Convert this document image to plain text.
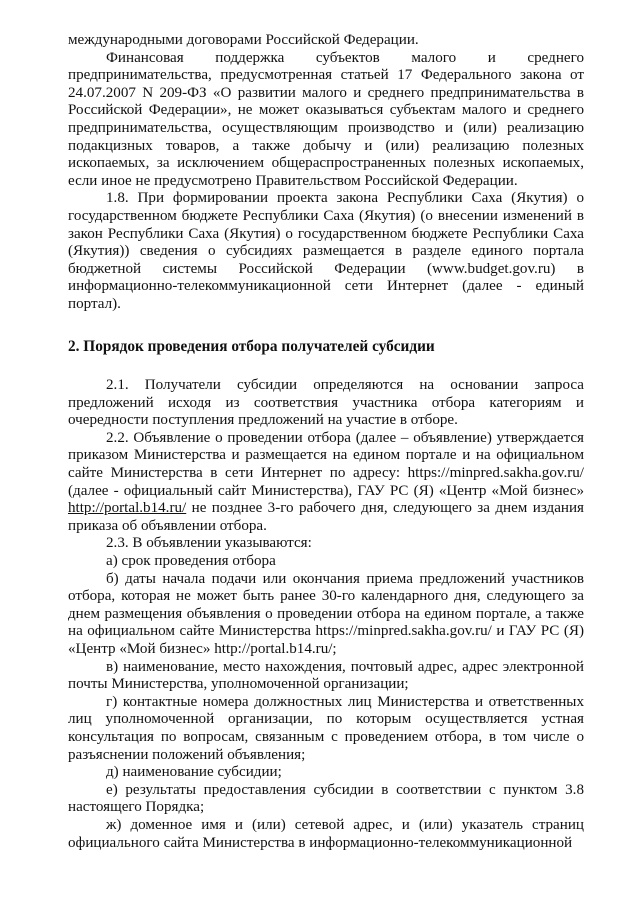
международными договорами Российской Федерации.

Финансовая поддержка субъектов малого и среднего предпринимательства, предусмотренная статьей 17 Федерального закона от 24.07.2007 N 209-ФЗ «О развитии малого и среднего предпринимательства в Российской Федерации», не может оказываться субъектам малого и среднего предпринимательства, осуществляющим производство и (или) реализацию подакцизных товаров, а также добычу и (или) реализацию полезных ископаемых, за исключением общераспространенных полезных ископаемых, если иное не предусмотрено Правительством Российской Федерации.

1.8. При формировании проекта закона Республики Саха (Якутия) о государственном бюджете Республики Саха (Якутия) (о внесении изменений в закон Республики Саха (Якутия) о государственном бюджете Республики Саха (Якутия)) сведения о субсидиях размещается в разделе единого портала бюджетной системы Российской Федерации (www.budget.gov.ru) в информационно-телекоммуникационной сети Интернет (далее - единый портал).

2. Порядок проведения отбора получателей субсидии

2.1. Получатели субсидии определяются на основании запроса предложений исходя из соответствия участника отбора категориям и очередности поступления предложений на участие в отборе.

2.2. Объявление о проведении отбора (далее – объявление) утверждается приказом Министерства и размещается на едином портале и на официальном сайте Министерства в сети Интернет по адресу: https://minpred.sakha.gov.ru/ (далее - официальный сайт Министерства), ГАУ РС (Я) «Центр «Мой бизнес» http://portal.b14.ru/ не позднее 3-го рабочего дня, следующего за днем издания приказа об объявлении отбора.

2.3. В объявлении указываются:

а) срок проведения отбора

б) даты начала подачи или окончания приема предложений участников отбора, которая не может быть ранее 30-го календарного дня, следующего за днем размещения объявления о проведении отбора на едином портале, а также на официальном сайте Министерства https://minpred.sakha.gov.ru/ и ГАУ РС (Я) «Центр «Мой бизнес» http://portal.b14.ru/;

в) наименование, место нахождения, почтовый адрес, адрес электронной почты Министерства, уполномоченной организации;

г) контактные номера должностных лиц Министерства и ответственных лиц уполномоченной организации, по которым осуществляется устная консультация по вопросам, связанным с проведением отбора, в том числе о разъяснении положений объявления;

д) наименование субсидии;

е) результаты предоставления субсидии в соответствии с пунктом 3.8 настоящего Порядка;

ж) доменное имя и (или) сетевой адрес, и (или) указатель страниц официального сайта Министерства в информационно-телекоммуникационной
